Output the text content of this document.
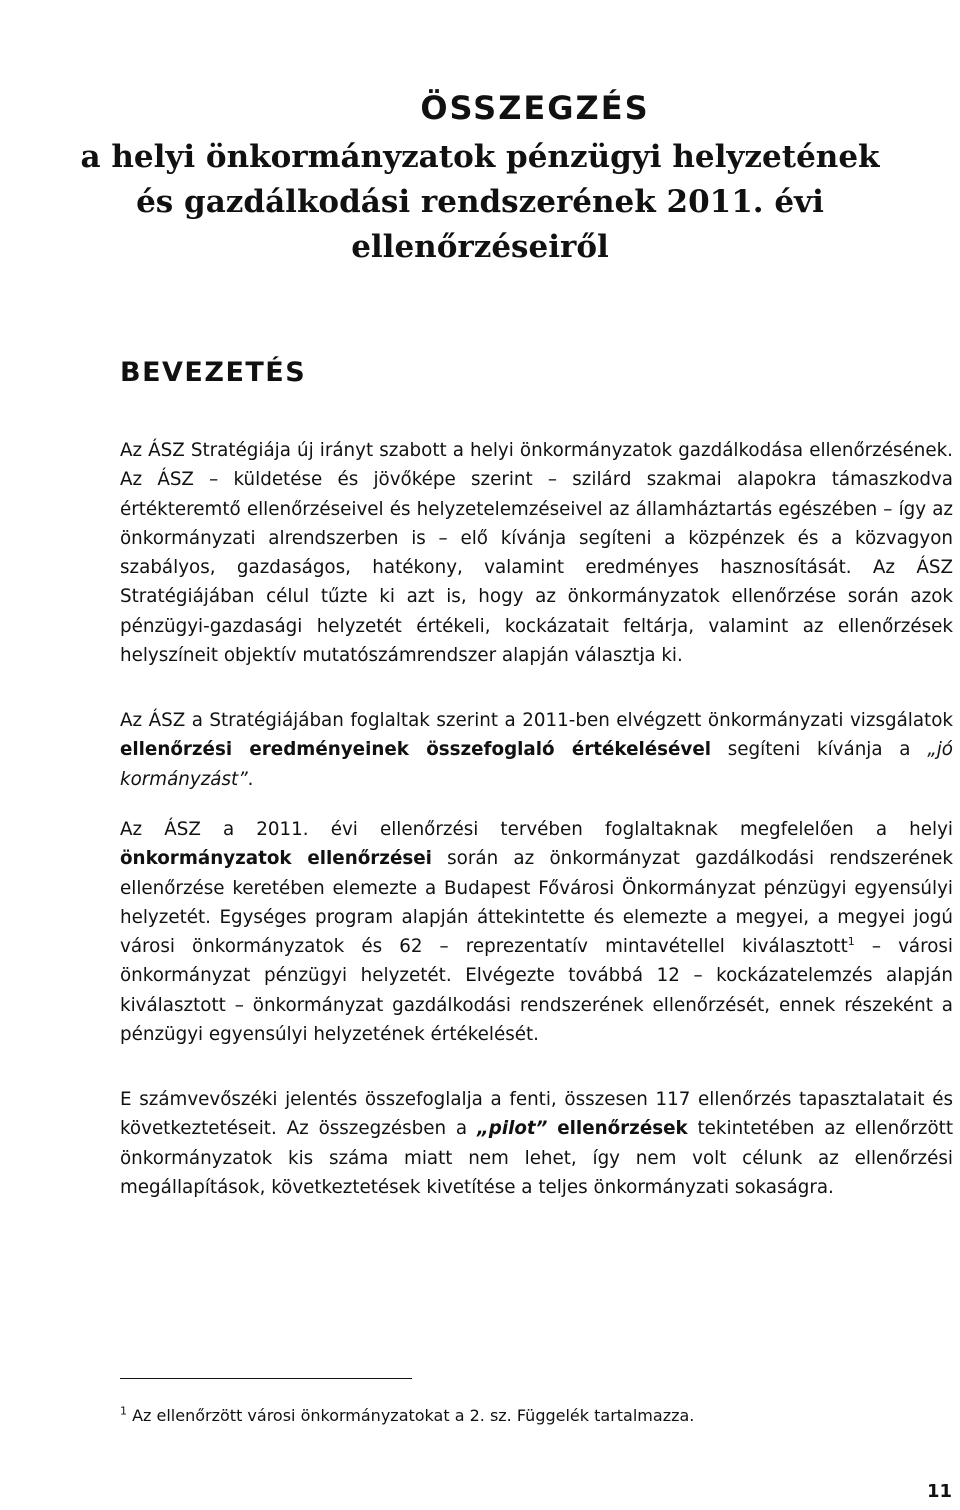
ÖSSZEGZÉS
a helyi önkormányzatok pénzügyi helyzetének
és gazdálkodási rendszerének 2011. évi
ellenőrzéseiről
BEVEZETÉS
Az ÁSZ Stratégiája új irányt szabott a helyi önkormányzatok gazdálkodása ellenőrzésének. Az ÁSZ – küldetése és jövőképe szerint – szilárd szakmai alapokra támaszkodva értékteremtő ellenőrzéseivel és helyzetelemzéseivel az államháztartás egészében – így az önkormányzati alrendszerben is – elő kívánja segíteni a közpénzek és a közvagyon szabályos, gazdaságos, hatékony, valamint eredményes hasznosítását. Az ÁSZ Stratégiájában célul tűzte ki azt is, hogy az önkormányzatok ellenőrzése során azok pénzügyi-gazdasági helyzetét értékeli, kockázatait feltárja, valamint az ellenőrzések helyszíneit objektív mutatószámrendszer alapján választja ki.
Az ÁSZ a Stratégiájában foglaltak szerint a 2011-ben elvégzett önkormányzati vizsgálatok ellenőrzési eredményeinek összefoglaló értékelésével segíteni kívánja a „jó kormányzást”.
Az ÁSZ a 2011. évi ellenőrzési tervében foglaltaknak megfelelően a helyi önkormányzatok ellenőrzései során az önkormányzat gazdálkodási rendszerének ellenőrzése keretében elemezte a Budapest Fővárosi Önkormányzat pénzügyi egyensúlyi helyzetét. Egységes program alapján áttekintette és elemezte a megyei, a megyei jogú városi önkormányzatok és 62 – reprezentatív mintavétellel kiválasztott$^1$ – városi önkormányzat pénzügyi helyzetét. Elvégezte továbbá 12 – kockázatelemzés alapján kiválasztott – önkormányzat gazdálkodási rendszerének ellenőrzését, ennek részeként a pénzügyi egyensúlyi helyzetének értékelését.
E számvevőszéki jelentés összefoglalja a fenti, összesen 117 ellenőrzés tapasztalatait és következtetéseit. Az összegzésben a „pilot” ellenőrzések tekintetében az ellenőrzött önkormányzatok kis száma miatt nem lehet, így nem volt célunk az ellenőrzési megállapítások, következtetések kivetítése a teljes önkormányzati sokaságra.
$^1$ Az ellenőrzött városi önkormányzatokat a 2. sz. Függelék tartalmazza.
11
